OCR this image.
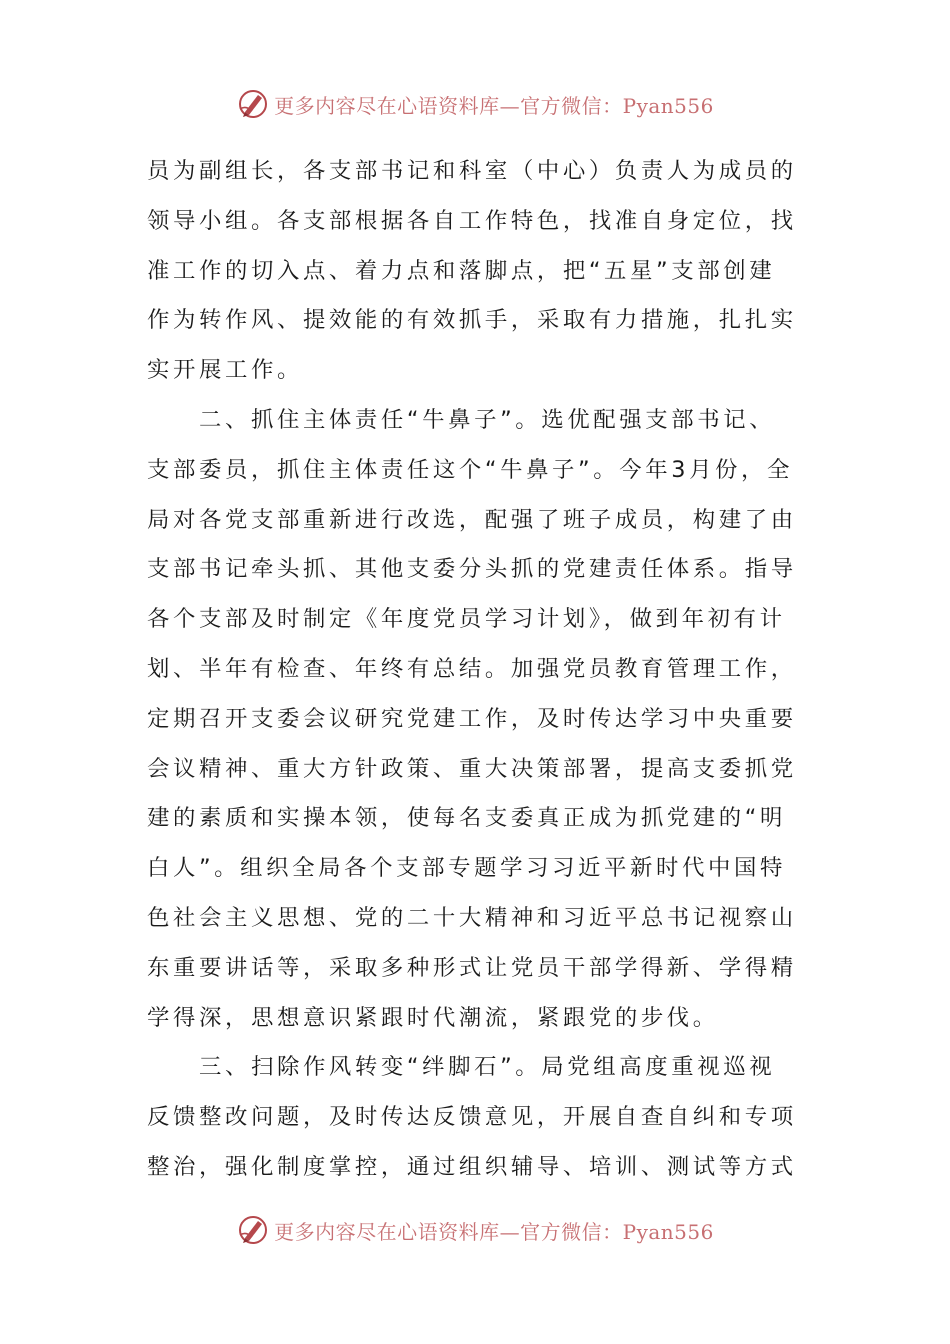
更多内容尽在心语资料库—官方微信：Pyan556
员为副组长，各支部书记和科室（中心）负责人为成员的
领导小组。各支部根据各自工作特色，找准自身定位，找
准工作的切入点、着力点和落脚点，把“五星”支部创建
作为转作风、提效能的有效抓手，采取有力措施，扎扎实
实开展工作。
　　二、抓住主体责任“牛鼻子”。选优配强支部书记、
支部委员，抓住主体责任这个“牛鼻子”。今年3月份，全
局对各党支部重新进行改选，配强了班子成员，构建了由
支部书记牵头抓、其他支委分头抓的党建责任体系。指导
各个支部及时制定《年度党员学习计划》，做到年初有计
划、半年有检查、年终有总结。加强党员教育管理工作，
定期召开支委会议研究党建工作，及时传达学习中央重要
会议精神、重大方针政策、重大决策部署，提高支委抓党
建的素质和实操本领，使每名支委真正成为抓党建的“明
白人”。组织全局各个支部专题学习习近平新时代中国特
色社会主义思想、党的二十大精神和习近平总书记视察山
东重要讲话等，采取多种形式让党员干部学得新、学得精
学得深，思想意识紧跟时代潮流，紧跟党的步伐。
　　三、扫除作风转变“绊脚石”。局党组高度重视巡视
反馈整改问题，及时传达反馈意见，开展自查自纠和专项
整治，强化制度掌控，通过组织辅导、培训、测试等方式
更多内容尽在心语资料库—官方微信：Pyan556
